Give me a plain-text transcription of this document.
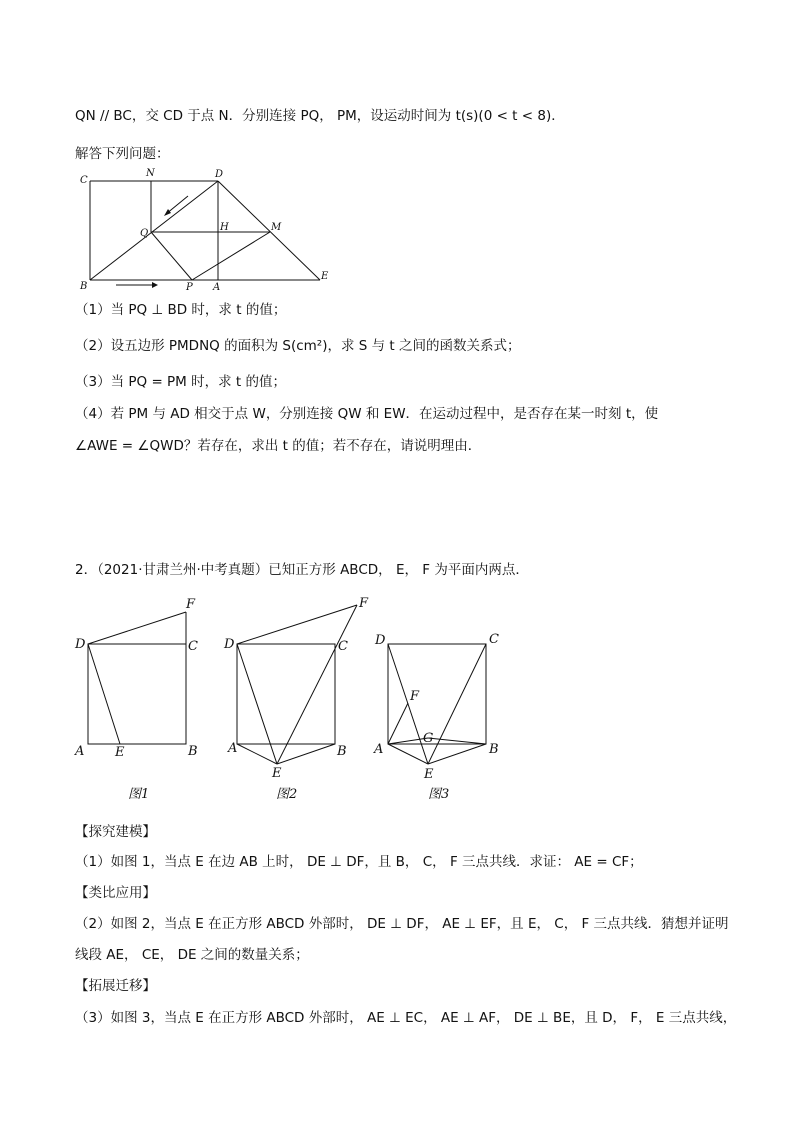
QN // BC，交 CD 于点 N．分别连接 PQ， PM，设运动时间为 t(s)(0 < t < 8)．
解答下列问题：
C
N	D
Q
H	M
B	P A
E
（1）当 PQ ⊥ BD 时，求 t 的值；
（2）设五边形 PMDNQ 的面积为 S(cm²)，求 S 与 t 之间的函数关系式；
（3）当 PQ = PM 时，求 t 的值；
（4）若 PM 与 AD 相交于点 W，分别连接 QW 和 EW．在运动过程中，是否存在某一时刻 t，使
∠AWE = ∠QWD？若存在，求出 t 的值；若不存在，请说明理由．
2．（2021·甘肃兰州·中考真题）已知正方形 ABCD， E， F 为平面内两点．
D	C
F
A E	B
D	C
F
A	B
E
D	C
F
G
A	B
E
图1	图2	图3
【探究建模】
（1）如图 1，当点 E 在边 AB 上时， DE ⊥ DF，且 B， C， F 三点共线．求证： AE = CF；
【类比应用】
（2）如图 2，当点 E 在正方形 ABCD 外部时， DE ⊥ DF， AE ⊥ EF，且 E， C， F 三点共线．猜想并证明
线段 AE， CE， DE 之间的数量关系；
【拓展迁移】
（3）如图 3，当点 E 在正方形 ABCD 外部时， AE ⊥ EC， AE ⊥ AF， DE ⊥ BE，且 D， F， E 三点共线，
